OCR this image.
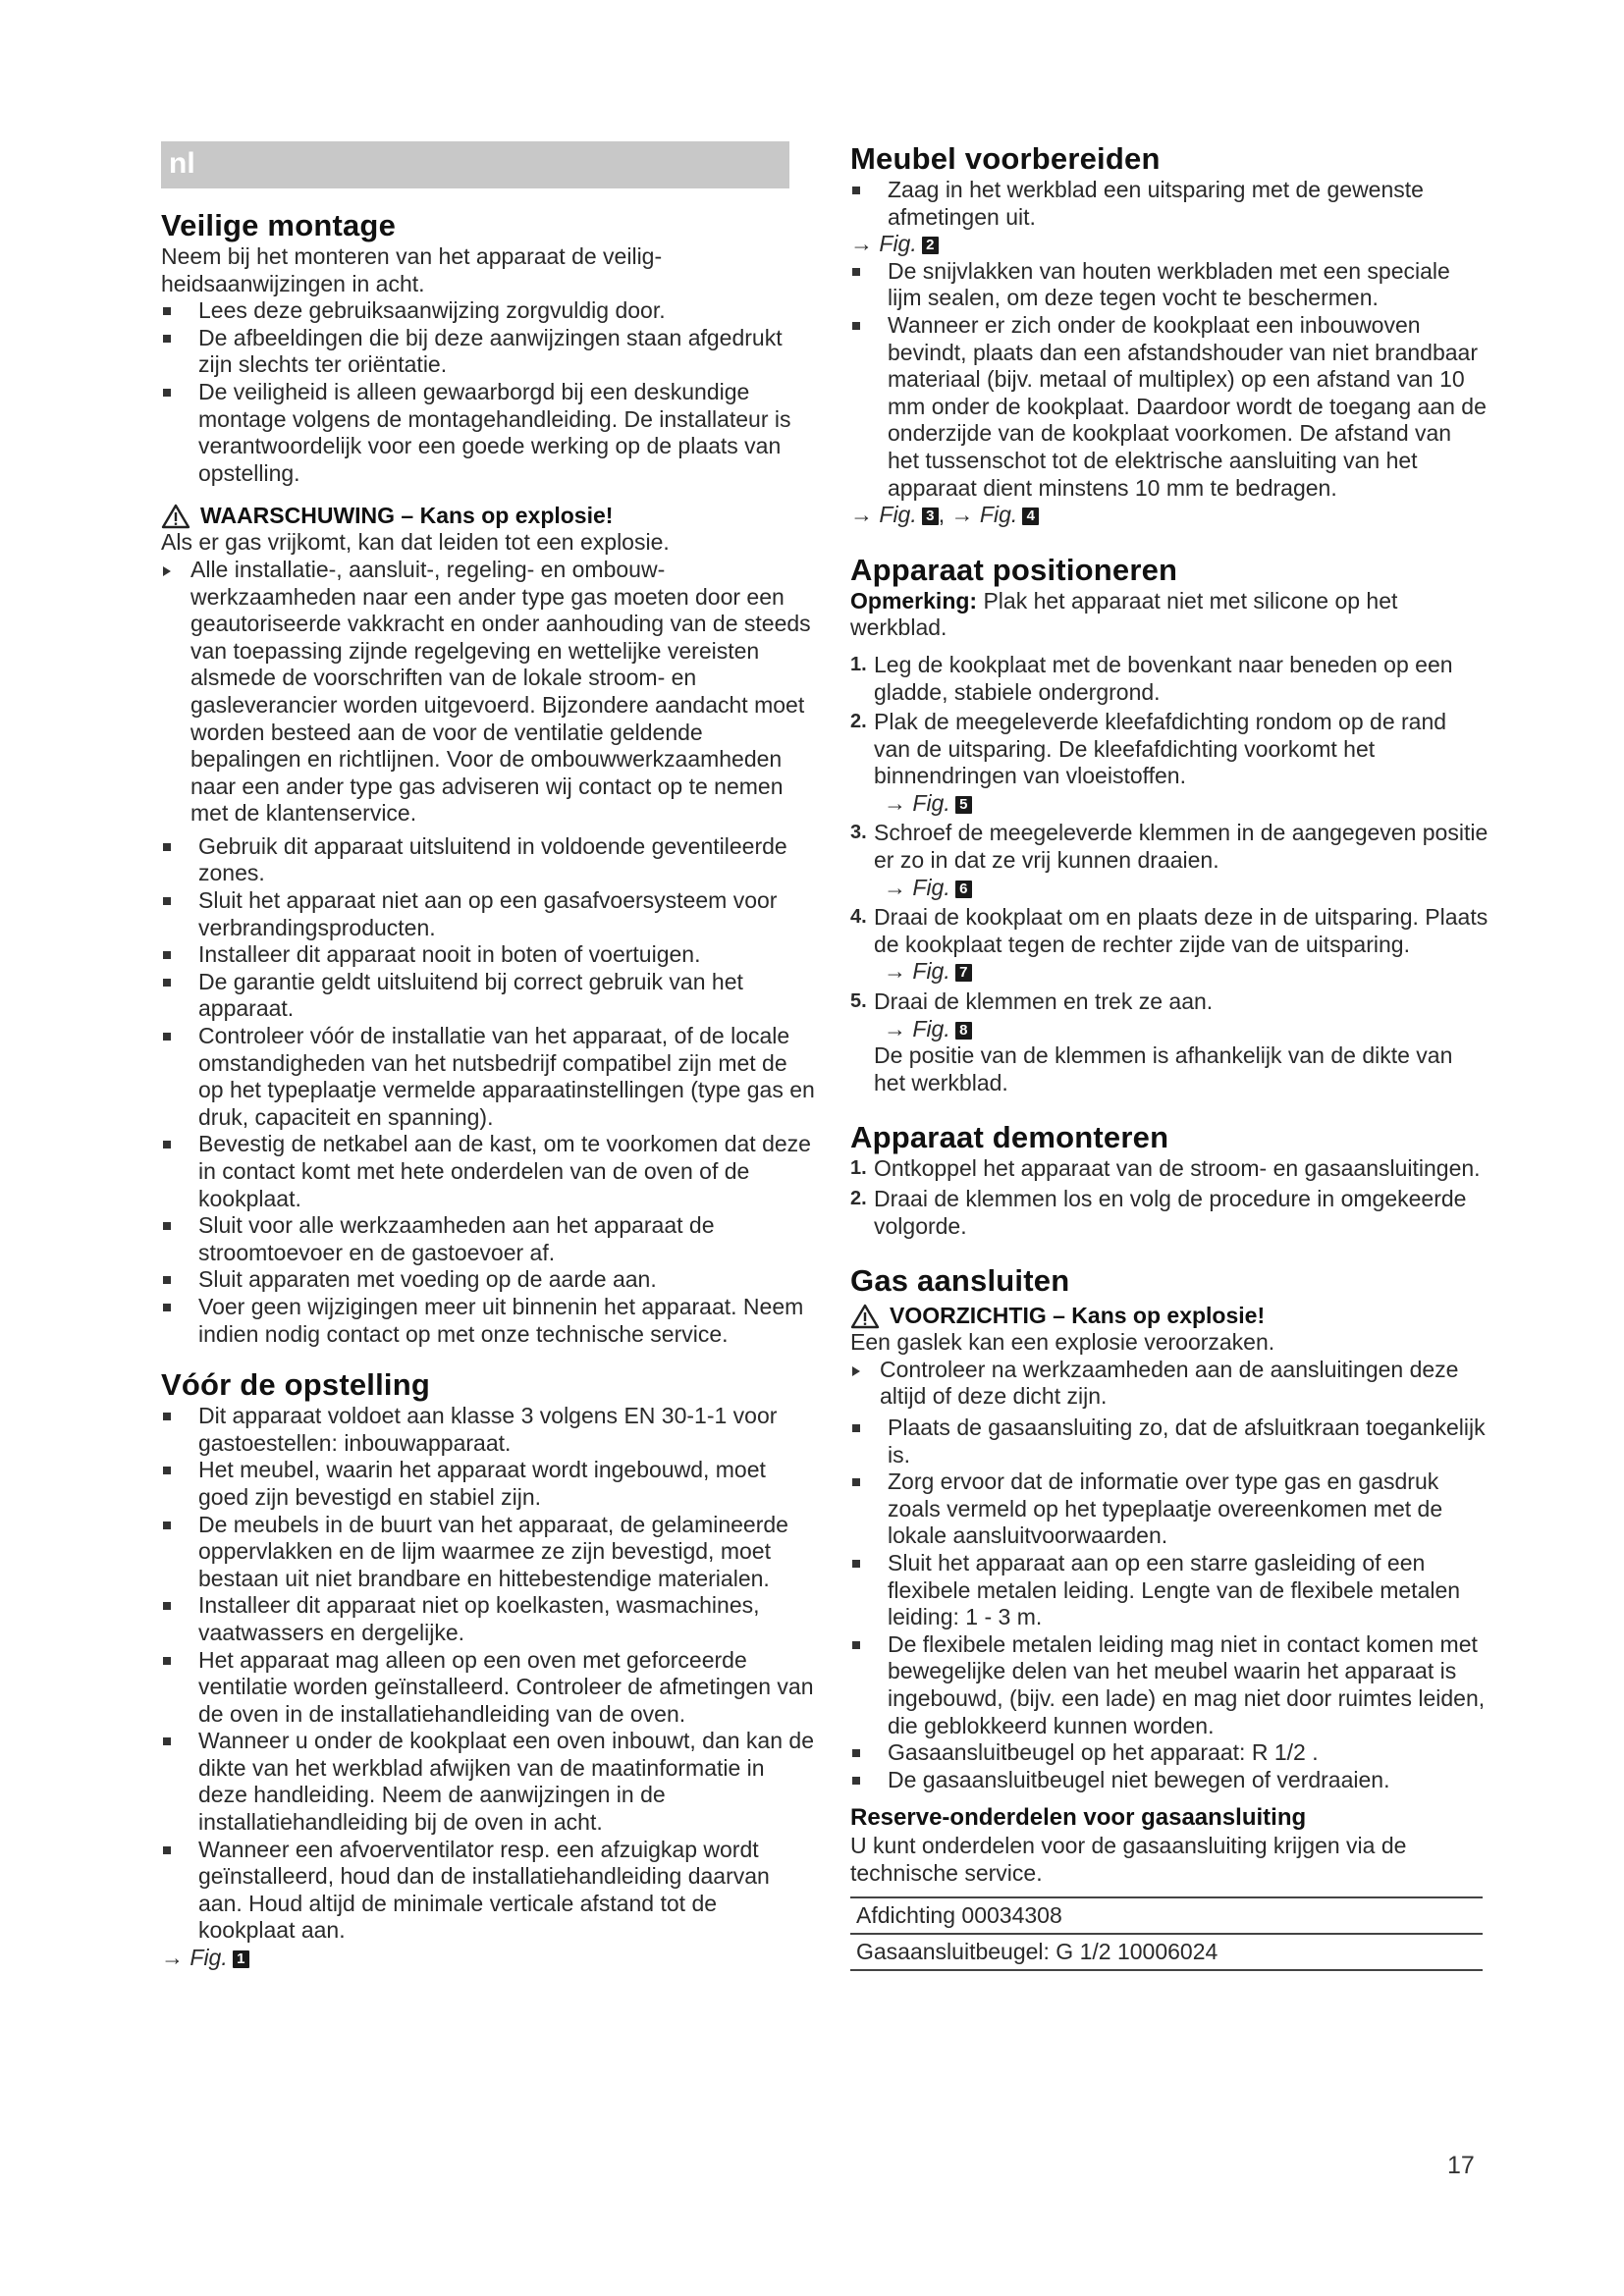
nl
Veilige montage
Neem bij het monteren van het apparaat de veiligheidsaanwijzingen in acht.
Lees deze gebruiksaanwijzing zorgvuldig door.
De afbeeldingen die bij deze aanwijzingen staan afgedrukt zijn slechts ter oriëntatie.
De veiligheid is alleen gewaarborgd bij een deskundige montage volgens de montagehandleiding. De installateur is verantwoordelijk voor een goede werking op de plaats van opstelling.
WAARSCHUWING – Kans op explosie!
Als er gas vrijkomt, kan dat leiden tot een explosie.
Alle installatie-, aansluit-, regeling- en ombouwwerkzaamheden naar een ander type gas moeten door een geautoriseerde vakkracht en onder aanhouding van de steeds van toepassing zijnde regelgeving en wettelijke vereisten alsmede de voorschriften van de lokale stroom- en gasleverancier worden uitgevoerd. Bijzondere aandacht moet worden besteed aan de voor de ventilatie geldende bepalingen en richtlijnen. Voor de ombouwwerkzaamheden naar een ander type gas adviseren wij contact op te nemen met de klantenservice.
Gebruik dit apparaat uitsluitend in voldoende geventileerde zones.
Sluit het apparaat niet aan op een gasafvoersysteem voor verbrandingsproducten.
Installeer dit apparaat nooit in boten of voertuigen.
De garantie geldt uitsluitend bij correct gebruik van het apparaat.
Controleer vóór de installatie van het apparaat, of de locale omstandigheden van het nutsbedrijf compatibel zijn met de op het typeplaatje vermelde apparaatinstellingen (type gas en druk, capaciteit en spanning).
Bevestig de netkabel aan de kast, om te voorkomen dat deze in contact komt met hete onderdelen van de oven of de kookplaat.
Sluit voor alle werkzaamheden aan het apparaat de stroomtoevoer en de gastoevoer af.
Sluit apparaten met voeding op de aarde aan.
Voer geen wijzigingen meer uit binnenin het apparaat. Neem indien nodig contact op met onze technische service.
Vóór de opstelling
Dit apparaat voldoet aan klasse 3 volgens EN 30-1-1 voor gastoestellen: inbouwapparaat.
Het meubel, waarin het apparaat wordt ingebouwd, moet goed zijn bevestigd en stabiel zijn.
De meubels in de buurt van het apparaat, de gelamineerde oppervlakken en de lijm waarmee ze zijn bevestigd, moet bestaan uit niet brandbare en hittebestendige materialen.
Installeer dit apparaat niet op koelkasten, wasmachines, vaatwassers en dergelijke.
Het apparaat mag alleen op een oven met geforceerde ventilatie worden geïnstalleerd. Controleer de afmetingen van de oven in de installatiehandleiding van de oven.
Wanneer u onder de kookplaat een oven inbouwt, dan kan de dikte van het werkblad afwijken van de maatinformatie in deze handleiding. Neem de aanwijzingen in de installatiehandleiding bij de oven in acht.
Wanneer een afvoerventilator resp. een afzuigkap wordt geïnstalleerd, houd dan de installatiehandleiding daarvan aan. Houd altijd de minimale verticale afstand tot de kookplaat aan.
→ Fig. 1
Meubel voorbereiden
Zaag in het werkblad een uitsparing met de gewenste afmetingen uit.
→ Fig. 2
De snijvlakken van houten werkbladen met een speciale lijm sealen, om deze tegen vocht te beschermen.
Wanneer er zich onder de kookplaat een inbouwoven bevindt, plaats dan een afstandshouder van niet brandbaar materiaal (bijv. metaal of multiplex) op een afstand van 10 mm onder de kookplaat. Daardoor wordt de toegang aan de onderzijde van de kookplaat voorkomen. De afstand van het tussenschot tot de elektrische aansluiting van het apparaat dient minstens 10 mm te bedragen.
→ Fig. 3 , → Fig. 4
Apparaat positioneren
Opmerking: Plak het apparaat niet met silicone op het werkblad.
1. Leg de kookplaat met de bovenkant naar beneden op een gladde, stabiele ondergrond.
2. Plak de meegeleverde kleefafdichting rondom op de rand van de uitsparing. De kleefafdichting voorkomt het binnendringen van vloeistoffen.
→ Fig. 5
3. Schroef de meegeleverde klemmen in de aangegeven positie er zo in dat ze vrij kunnen draaien.
→ Fig. 6
4. Draai de kookplaat om en plaats deze in de uitsparing. Plaats de kookplaat tegen de rechter zijde van de uitsparing.
→ Fig. 7
5. Draai de klemmen en trek ze aan.
→ Fig. 8
De positie van de klemmen is afhankelijk van de dikte van het werkblad.
Apparaat demonteren
1. Ontkoppel het apparaat van de stroom- en gasaansluitingen.
2. Draai de klemmen los en volg de procedure in omgekeerde volgorde.
Gas aansluiten
VOORZICHTIG – Kans op explosie!
Een gaslek kan een explosie veroorzaken.
Controleer na werkzaamheden aan de aansluitingen deze altijd of deze dicht zijn.
Plaats de gasaansluiting zo, dat de afsluitkraan toegankelijk is.
Zorg ervoor dat de informatie over type gas en gasdruk zoals vermeld op het typeplaatje overeenkomen met de lokale aansluitvoorwaarden.
Sluit het apparaat aan op een starre gasleiding of een flexibele metalen leiding. Lengte van de flexibele metalen leiding: 1 - 3 m.
De flexibele metalen leiding mag niet in contact komen met bewegelijke delen van het meubel waarin het apparaat is ingebouwd, (bijv. een lade) en mag niet door ruimtes leiden, die geblokkeerd kunnen worden.
Gasaansluitbeugel op het apparaat: R 1/2 .
De gasaansluitbeugel niet bewegen of verdraaien.
Reserve-onderdelen voor gasaansluiting
U kunt onderdelen voor de gasaansluiting krijgen via de technische service.
Afdichting 00034308
Gasaansluitbeugel: G 1/2 10006024
17
